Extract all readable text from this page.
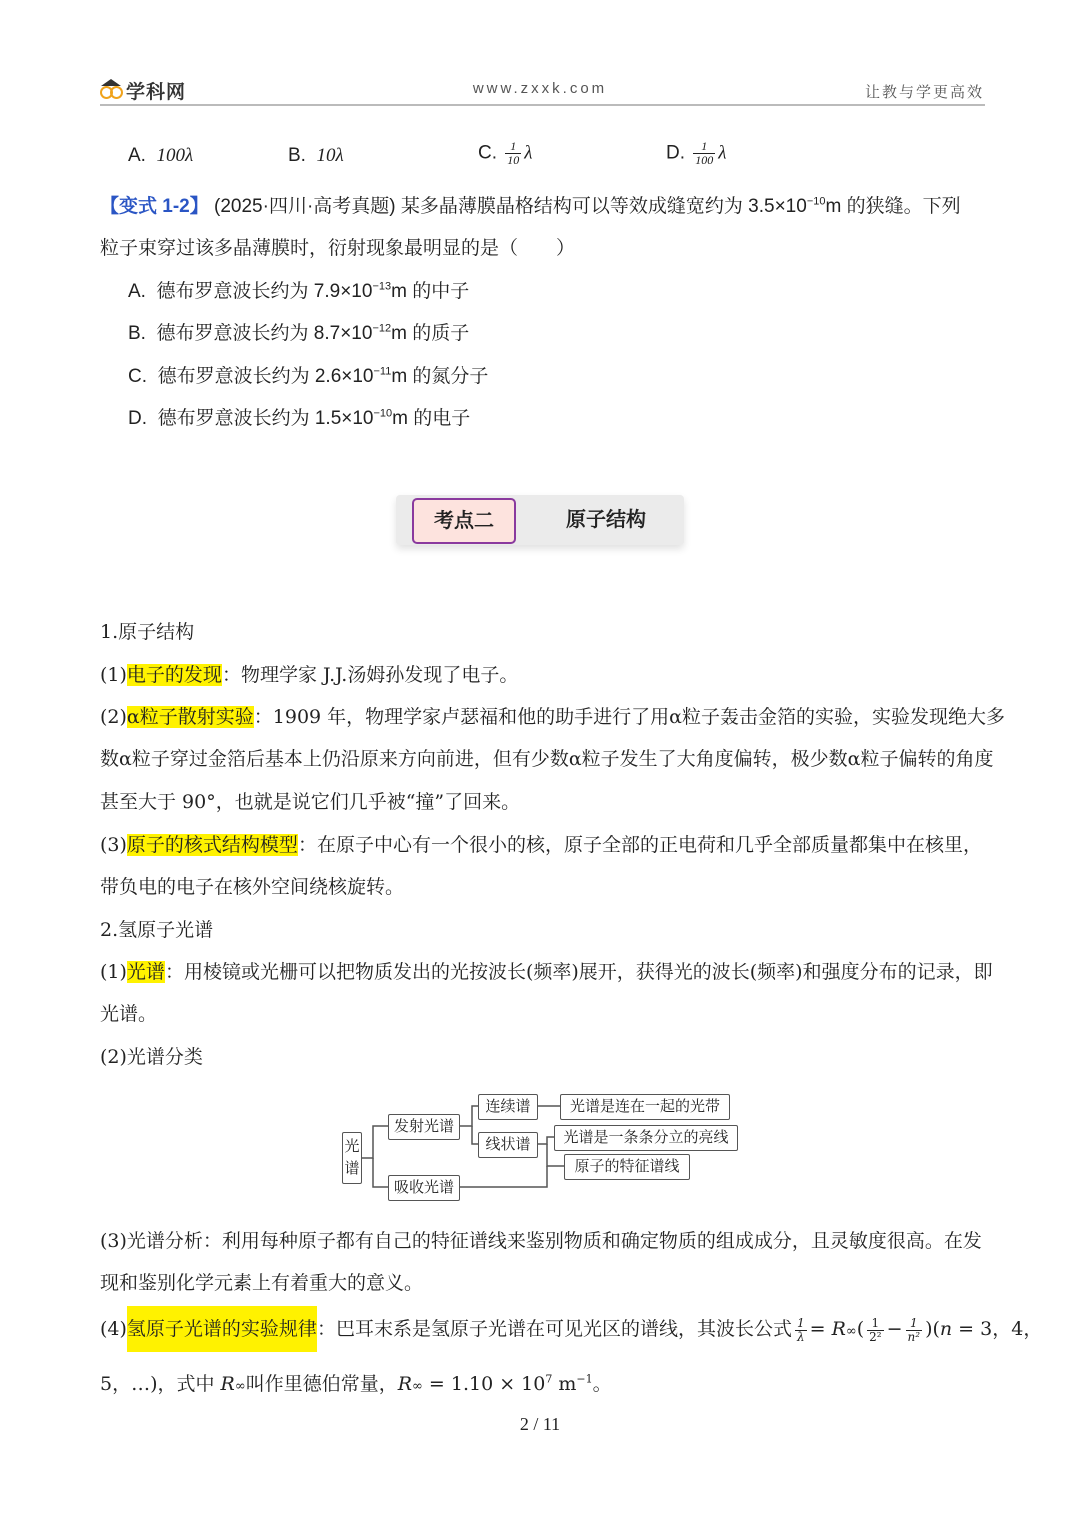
学科网	www.zxxk.com	让教与学更高效
A. 100λ	B. 10λ	C. $\frac{1}{10}$ λ	D. $\frac{1}{100}$ λ
【变式 1-2】 (2025·四川·高考真题) 某多晶薄膜晶格结构可以等效成缝宽约为 $3.5\times 10^{-10}m$ 的狭缝。下列
粒子束穿过该多晶薄膜时，衍射现象最明显的是（　　）
A. 德布罗意波长约为 $7.9\times 10^{-13}m$ 的中子
B. 德布罗意波长约为 $8.7\times 10^{-12}m$ 的质子
C. 德布罗意波长约为 $2.6\times 10^{-11}m$ 的氮分子
D. 德布罗意波长约为 $1.5\times 10^{-10}m$ 的电子
考点二	原子结构
1.原子结构
(1)电子的发现：物理学家 J.J.汤姆孙发现了电子。
(2)α粒子散射实验：1909 年，物理学家卢瑟福和他的助手进行了用α粒子轰击金箔的实验，实验发现绝大多
数α粒子穿过金箔后基本上仍沿原来方向前进，但有少数α粒子发生了大角度偏转，极少数α粒子偏转的角度
甚至大于 90°，也就是说它们几乎被“撞”了回来。
(3)原子的核式结构模型：在原子中心有一个很小的核，原子全部的正电荷和几乎全部质量都集中在核里，
带负电的电子在核外空间绕核旋转。
2.氢原子光谱
(1)光谱：用棱镜或光栅可以把物质发出的光按波长(频率)展开，获得光的波长(频率)和强度分布的记录，即
光谱。
(2)光谱分类
光谱
发射光谱
吸收光谱
连续谱
线状谱
光谱是连在一起的光带
光谱是一条条分立的亮线
原子的特征谱线
(3)光谱分析：利用每种原子都有自己的特征谱线来鉴别物质和确定物质的组成成分，且灵敏度很高。在发
现和鉴别化学元素上有着重大的意义。
(4)氢原子光谱的实验规律：巴耳末系是氢原子光谱在可见光区的谱线，其波长公式 $\frac{1}{\lambda} = R\infty( \frac{1}{\text{2²}} - \frac{1}{\text{n²}} )(n = 3$，4，
5，…)，式中 R∞叫作里德伯常量，$R\infty = 1.10 \times 10^7$ $m^{-1}$。
2 / 11
